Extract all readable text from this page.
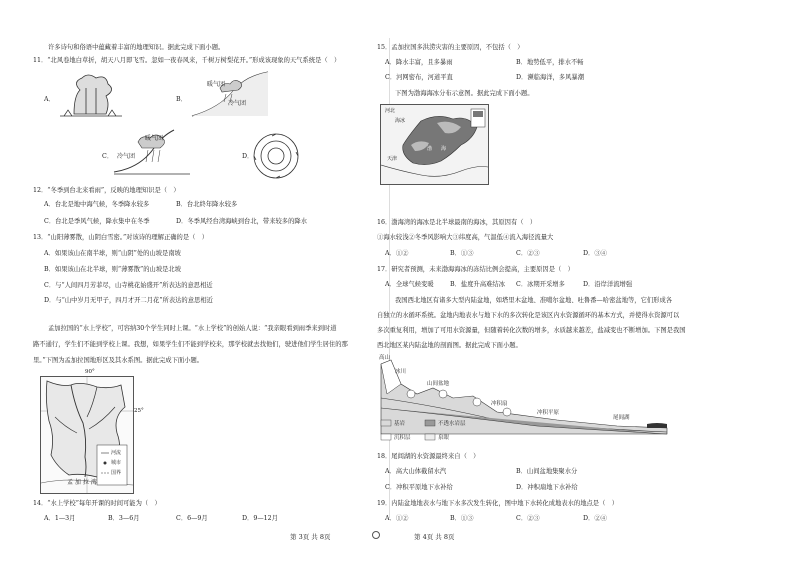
许多诗句和俗语中蕴藏着丰富的地理知识。据此完成下面小题。
11．“北风卷地白草折，胡天八月即飞雪。忽如一夜春风来，千树万树梨花开。”形成该现象的天气系统是（　）
A．	B．
暖气团
冷气团
C．
暖气团
冷气团	D．
12．“冬季到台北来看雨”，反映的地理知识是（　）
A．台北是地中海气候，冬季降水较多	B．台北終年降水较多
C．台北是季风气候，降水集中在冬季	D．冬季风经台湾海峡到台北，带来较多的降水
13．“山阳薄雾散，山阴白雪密。”对该诗的理解正确的是（　）
A．如果该山在南半球，则“山阴”处的山坡是南坡
B．如果该山在北半球，则“薄雾散”的山坡是北坡
C．与“人间四月芳菲尽，山寺桃花始盛开”所表达的意思相近
D．与“山中岁月无甲子，四月才开二月花”所表达的意思相近
孟加拉国的“水上学校”，可容纳30个学生同时上课。“水上学校”的创始人说：“我亲眼看到雨季来到时道
路不通行，学生们不能到学校上课。我想，如果学生们不能到学校来，那学校就去找他们，驶进他们学生居住的那
里。”下图为孟加拉国地形区及其水系图。据此完成下面小题。
90°
25°
孟 加 拉 湾
河流
城市
国界
14．“水上学校”每年开课的时间可能为（　）
A．1—3月	B．3—6月	C．6—9月	D．9—12月
15．孟加拉国多洪涝灾害的主要原因，不包括（　）
A．降水丰富，且多暴雨	B．地势低平，排水不畅
C．河网密布，河道平直	D．濒临海洋，多风暴潮
下图为渤海海冰分布示意图。据此完成下面小题。
河北
渤 海
海冰
天津
16．渤海湾的海冰是北半球最南的海冰，其原因有（　）
①海水较浅②冬季风影响大③纬度高，气温低④流入海径流量大
A．①②	B．①③	C．②③	D．③④
17．研究者预测，未来渤海海冰的冻结比例会提高，主要原因是（　）
A．全球气候变暖	B．盐度升高难结冰 C．冰期开采增多	D．沿岸洋流增强
我国西北地区有诸多大型内陆盆地，如塔里木盆地、准噶尔盆地、吐鲁番—哈密盆地等，它们形成各
自独立的水循环系统。盆地内地表水与地下水的多次转化是该区内水资源循环的基本方式，并使得水资源可以
多次重复利用，增加了可用水资源量，但随着转化次数的增多，水质越来越差，盐减变也不断增加。下图是我国
西北地区某内陆盆地的剖面图。据此完成下面小题。
高山
冰川
山间盆地
冲积扇
冲积平原
尾闾湖
基岩	不透水岩层
沉积层	泉眼
18．尾闾湖的水资源最终来自（　）
A．高大山体截留水汽	B．山间盆地集聚水分
C．冲积平原地下水补给	D．冲积扇地下水补给
19．内陆盆地地表水与地下水多次发生转化，图中地下水转化成地表水的地点是（　）
A．①②	B．①③	C．②③	D．②④
第 3页 共 8页	第 4页 共 8页
